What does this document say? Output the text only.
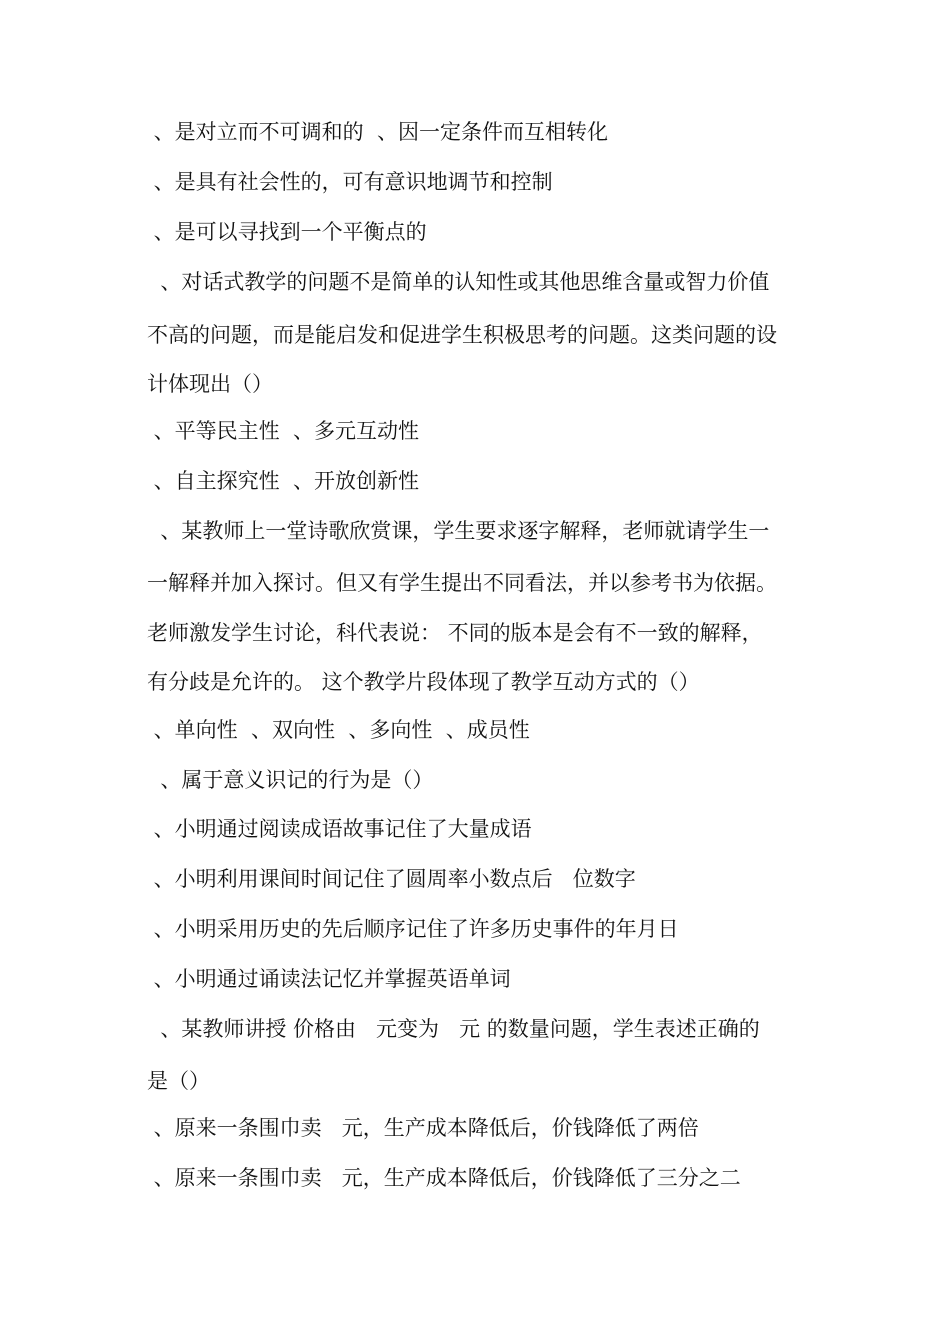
、是对立而不可调和的  、因一定条件而互相转化

、是具有社会性的，可有意识地调节和控制

、是可以寻找到一个平衡点的

、对话式教学的问题不是简单的认知性或其他思维含量或智力价值

不高的问题，而是能启发和促进学生积极思考的问题。这类问题的设

计体现出（）

、平等民主性  、多元互动性

、自主探究性  、开放创新性

、某教师上一堂诗歌欣赏课，学生要求逐字解释，老师就请学生一

一解释并加入探讨。但又有学生提出不同看法，并以参考书为依据。

老师激发学生讨论，科代表说： 不同的版本是会有不一致的解释，

有分歧是允许的。 这个教学片段体现了教学互动方式的（）

、单向性  、双向性  、多向性  、成员性

、属于意义识记的行为是（）

、小明通过阅读成语故事记住了大量成语

、小明利用课间时间记住了圆周率小数点后   位数字

、小明采用历史的先后顺序记住了许多历史事件的年月日

、小明通过诵读法记忆并掌握英语单词

、某教师讲授 价格由   元变为   元 的数量问题，学生表述正确的

是（）

、原来一条围巾卖   元，生产成本降低后，价钱降低了两倍

、原来一条围巾卖   元，生产成本降低后，价钱降低了三分之二
